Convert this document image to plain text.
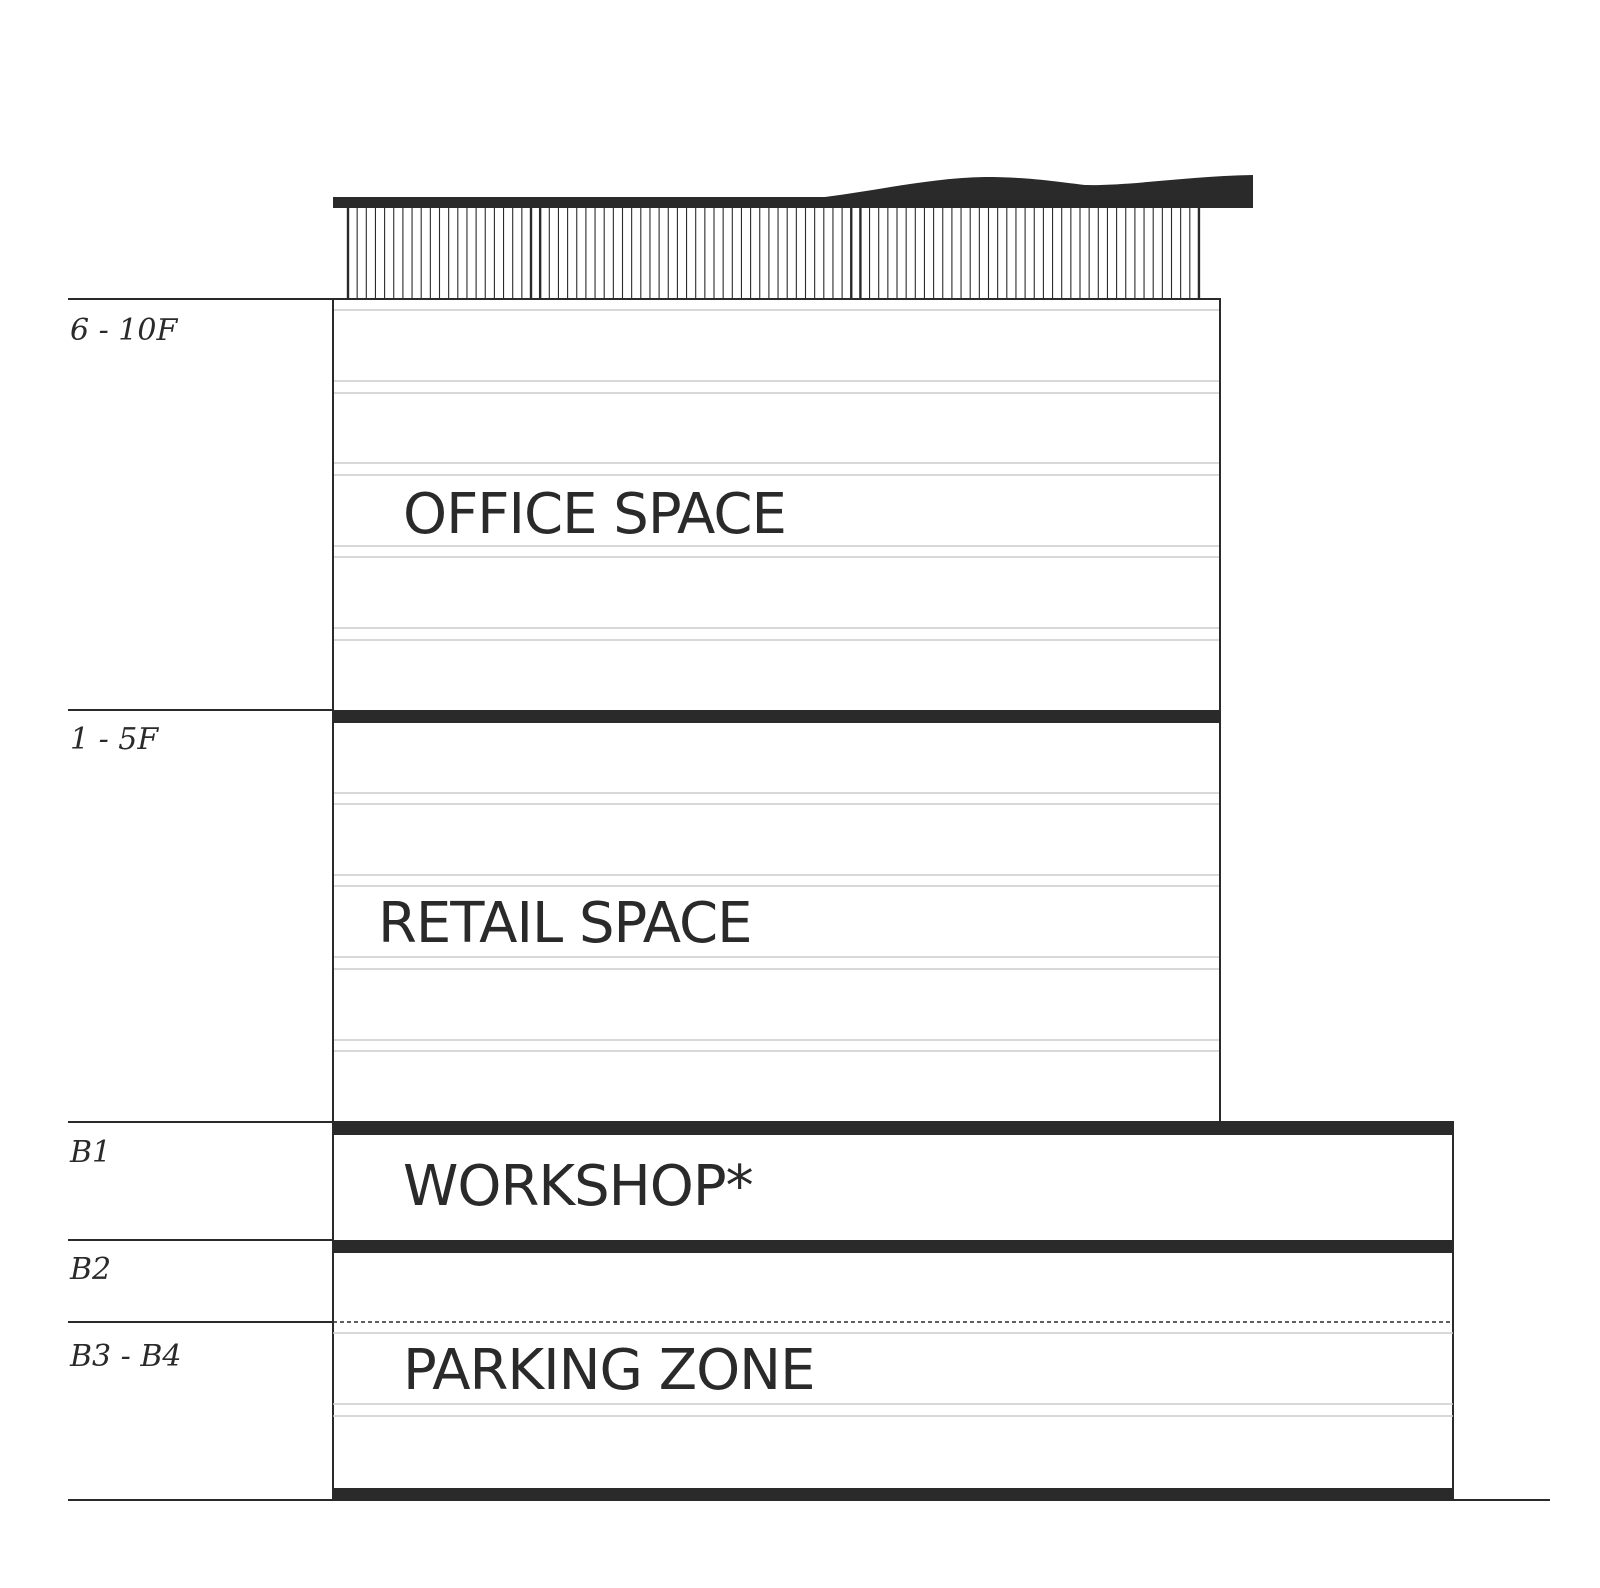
6 - 10F
1 - 5F
B1
B2
B3 - B4
OFFICE SPACE
RETAIL SPACE
WORKSHOP*
PARKING ZONE
